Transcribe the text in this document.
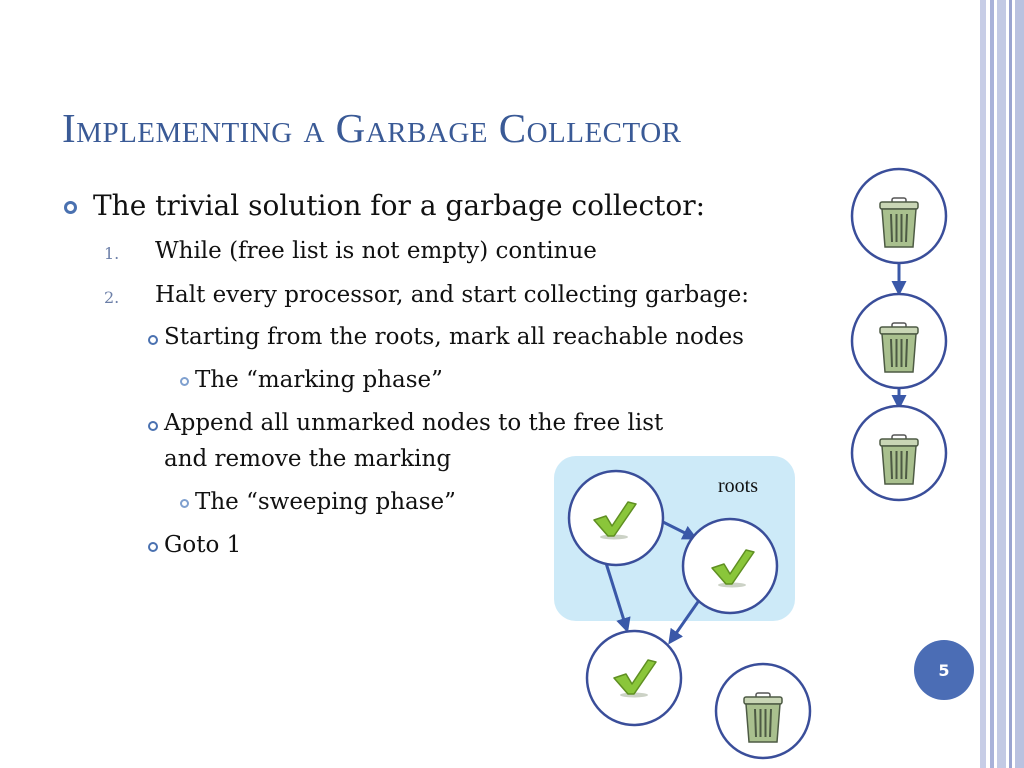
Implementing a Garbage Collector
The trivial solution for a garbage collector:
1. While (free list is not empty) continue
2. Halt every processor, and start collecting garbage:
Starting from the roots, mark all reachable nodes
The “marking phase”
Append all unmarked nodes to the free list
and remove the marking
The “sweeping phase”
Goto 1
roots
5
